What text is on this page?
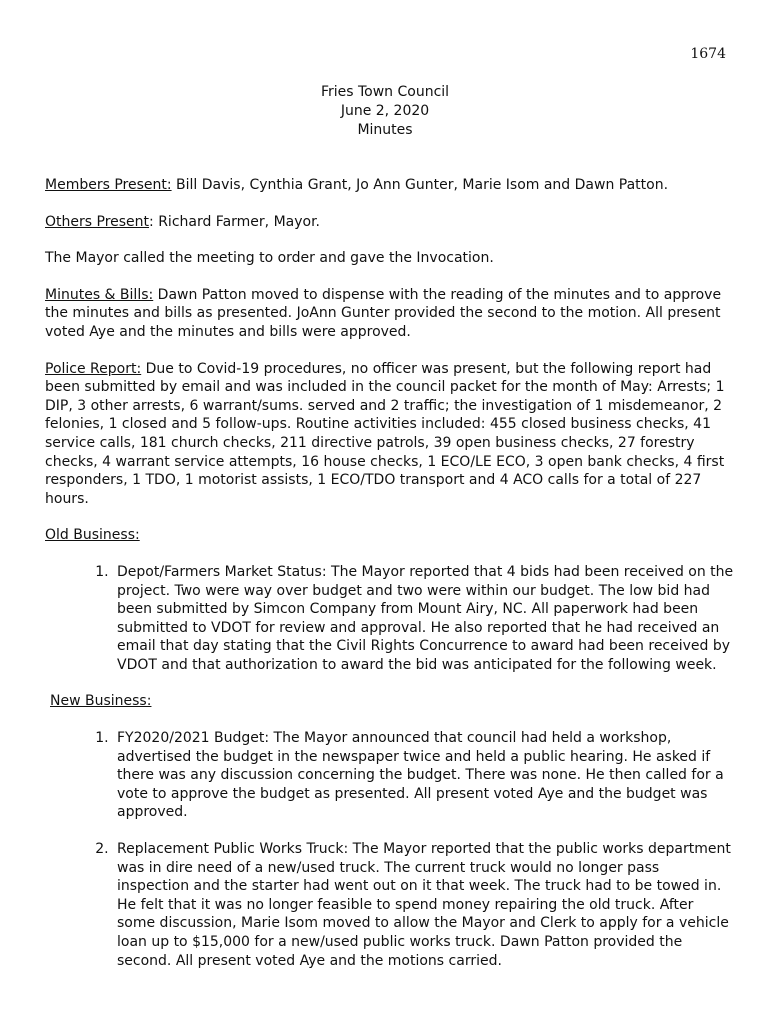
1674
Fries Town Council
June 2, 2020
Minutes

Members Present: Bill Davis, Cynthia Grant, Jo Ann Gunter, Marie Isom and Dawn Patton.

Others Present: Richard Farmer, Mayor.

The Mayor called the meeting to order and gave the Invocation.

Minutes & Bills: Dawn Patton moved to dispense with the reading of the minutes and to approve the minutes and bills as presented. JoAnn Gunter provided the second to the motion. All present voted Aye and the minutes and bills were approved.

Police Report: Due to Covid-19 procedures, no officer was present, but the following report had been submitted by email and was included in the council packet for the month of May: Arrests; 1 DIP, 3 other arrests, 6 warrant/sums. served and 2 traffic; the investigation of 1 misdemeanor, 2 felonies, 1 closed and 5 follow-ups. Routine activities included: 455 closed business checks, 41 service calls, 181 church checks, 211 directive patrols, 39 open business checks, 27 forestry checks, 4 warrant service attempts, 16 house checks, 1 ECO/LE ECO, 3 open bank checks, 4 first responders, 1 TDO, 1 motorist assists, 1 ECO/TDO transport and 4 ACO calls for a total of 227 hours.

Old Business:
1. Depot/Farmers Market Status: The Mayor reported that 4 bids had been received on the project. Two were way over budget and two were within our budget. The low bid had been submitted by Simcon Company from Mount Airy, NC. All paperwork had been submitted to VDOT for review and approval. He also reported that he had received an email that day stating that the Civil Rights Concurrence to award had been received by VDOT and that authorization to award the bid was anticipated for the following week.
New Business:
1. FY2020/2021 Budget: The Mayor announced that council had held a workshop, advertised the budget in the newspaper twice and held a public hearing. He asked if there was any discussion concerning the budget. There was none. He then called for a vote to approve the budget as presented. All present voted Aye and the budget was approved.
2. Replacement Public Works Truck: The Mayor reported that the public works department was in dire need of a new/used truck. The current truck would no longer pass inspection and the starter had went out on it that week. The truck had to be towed in. He felt that it was no longer feasible to spend money repairing the old truck. After some discussion, Marie Isom moved to allow the Mayor and Clerk to apply for a vehicle loan up to $15,000 for a new/used public works truck. Dawn Patton provided the second. All present voted Aye and the motions carried.
